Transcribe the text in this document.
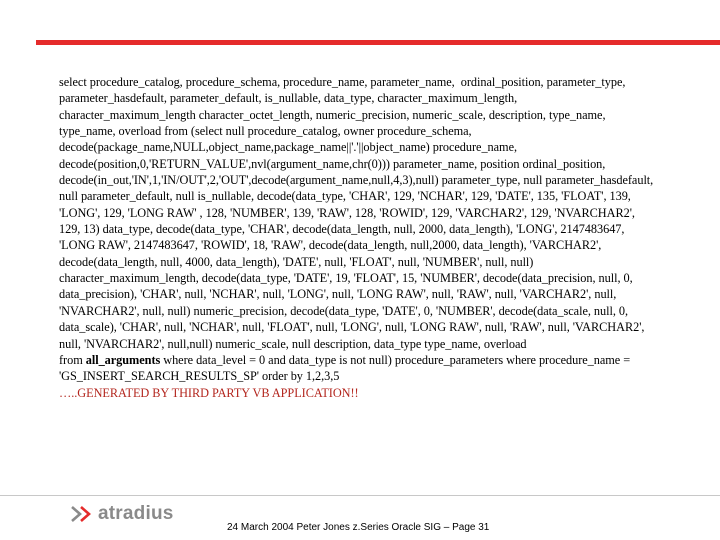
select procedure_catalog, procedure_schema, procedure_name, parameter_name,  ordinal_position, parameter_type, parameter_hasdefault, parameter_default, is_nullable, data_type, character_maximum_length,  character_maximum_length character_octet_length, numeric_precision, numeric_scale, description, type_name, type_name, overload from (select null procedure_catalog, owner procedure_schema, decode(package_name,NULL,object_name,package_name||'.'||object_name) procedure_name, decode(position,0,'RETURN_VALUE',nvl(argument_name,chr(0))) parameter_name, position ordinal_position, decode(in_out,'IN',1,'IN/OUT',2,'OUT',decode(argument_name,null,4,3),null) parameter_type, null parameter_hasdefault, null parameter_default, null is_nullable, decode(data_type, 'CHAR', 129, 'NCHAR', 129, 'DATE', 135, 'FLOAT', 139, 'LONG', 129, 'LONG RAW' , 128, 'NUMBER', 139, 'RAW', 128, 'ROWID', 129, 'VARCHAR2', 129, 'NVARCHAR2', 129, 13) data_type, decode(data_type, 'CHAR', decode(data_length, null, 2000, data_length), 'LONG', 2147483647, 'LONG RAW', 2147483647, 'ROWID', 18, 'RAW', decode(data_length, null,2000, data_length), 'VARCHAR2', decode(data_length, null, 4000, data_length), 'DATE', null, 'FLOAT', null, 'NUMBER', null, null) character_maximum_length, decode(data_type, 'DATE', 19, 'FLOAT', 15, 'NUMBER', decode(data_precision, null, 0, data_precision), 'CHAR', null, 'NCHAR', null, 'LONG', null, 'LONG RAW', null, 'RAW', null, 'VARCHAR2', null, 'NVARCHAR2', null, null) numeric_precision, decode(data_type, 'DATE', 0, 'NUMBER', decode(data_scale, null, 0, data_scale), 'CHAR', null, 'NCHAR', null, 'FLOAT', null, 'LONG', null, 'LONG RAW', null, 'RAW', null, 'VARCHAR2',
null, 'NVARCHAR2', null,null) numeric_scale, null description, data_type type_name, overload
from all_arguments where data_level = 0 and data_type is not null) procedure_parameters where procedure_name = 'GS_INSERT_SEARCH_RESULTS_SP' order by 1,2,3,5
…..GENERATED BY THIRD PARTY VB APPLICATION!!
atradius
24 March 2004 Peter Jones z.Series Oracle SIG – Page 31
